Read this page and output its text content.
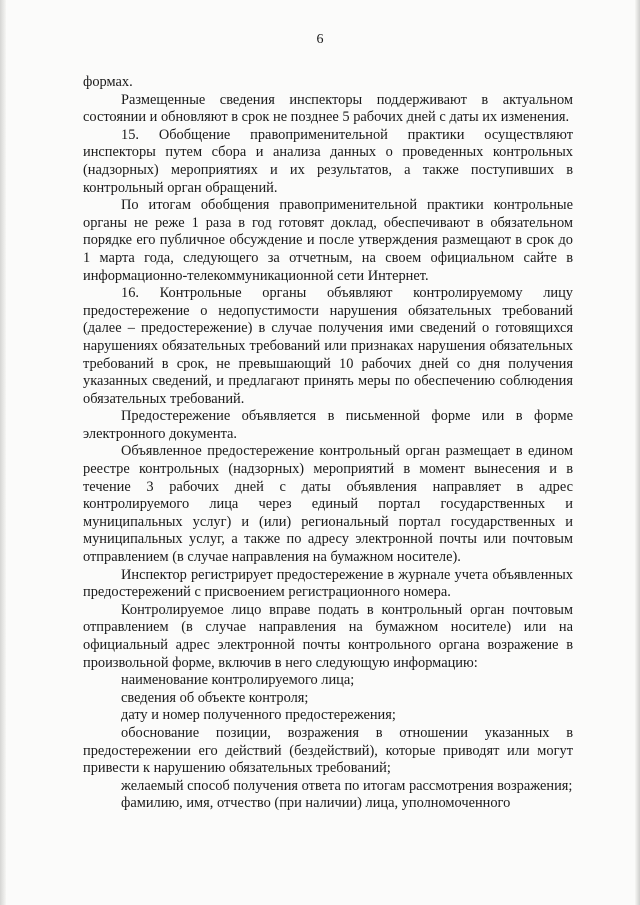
6

формах.

Размещенные сведения инспекторы поддерживают в актуальном состоянии и обновляют в срок не позднее 5 рабочих дней с даты их изменения.

15. Обобщение правоприменительной практики осуществляют инспекторы путем сбора и анализа данных о проведенных контрольных (надзорных) мероприятиях и их результатов, а также поступивших в контрольный орган обращений.

По итогам обобщения правоприменительной практики контрольные органы не реже 1 раза в год готовят доклад, обеспечивают в обязательном порядке его публичное обсуждение и после утверждения размещают в срок до 1 марта года, следующего за отчетным, на своем официальном сайте в информационно-телекоммуникационной сети Интернет.

16. Контрольные органы объявляют контролируемому лицу предостережение о недопустимости нарушения обязательных требований (далее – предостережение) в случае получения ими сведений о готовящихся нарушениях обязательных требований или признаках нарушения обязательных требований в срок, не превышающий 10 рабочих дней со дня получения указанных сведений, и предлагают принять меры по обеспечению соблюдения обязательных требований.

Предостережение объявляется в письменной форме или в форме электронного документа.

Объявленное предостережение контрольный орган размещает в едином реестре контрольных (надзорных) мероприятий в момент вынесения и в течение 3 рабочих дней с даты объявления направляет в адрес контролируемого лица через единый портал государственных и муниципальных услуг) и (или) региональный портал государственных и муниципальных услуг, а также по адресу электронной почты или почтовым отправлением (в случае направления на бумажном носителе).

Инспектор регистрирует предостережение в журнале учета объявленных предостережений с присвоением регистрационного номера.

Контролируемое лицо вправе подать в контрольный орган почтовым отправлением (в случае направления на бумажном носителе) или на официальный адрес электронной почты контрольного органа возражение в произвольной форме, включив в него следующую информацию:

наименование контролируемого лица;

сведения об объекте контроля;

дату и номер полученного предостережения;

обоснование позиции, возражения в отношении указанных в предостережении его действий (бездействий), которые приводят или могут привести к нарушению обязательных требований;

желаемый способ получения ответа по итогам рассмотрения возражения;

фамилию, имя, отчество (при наличии) лица, уполномоченного
